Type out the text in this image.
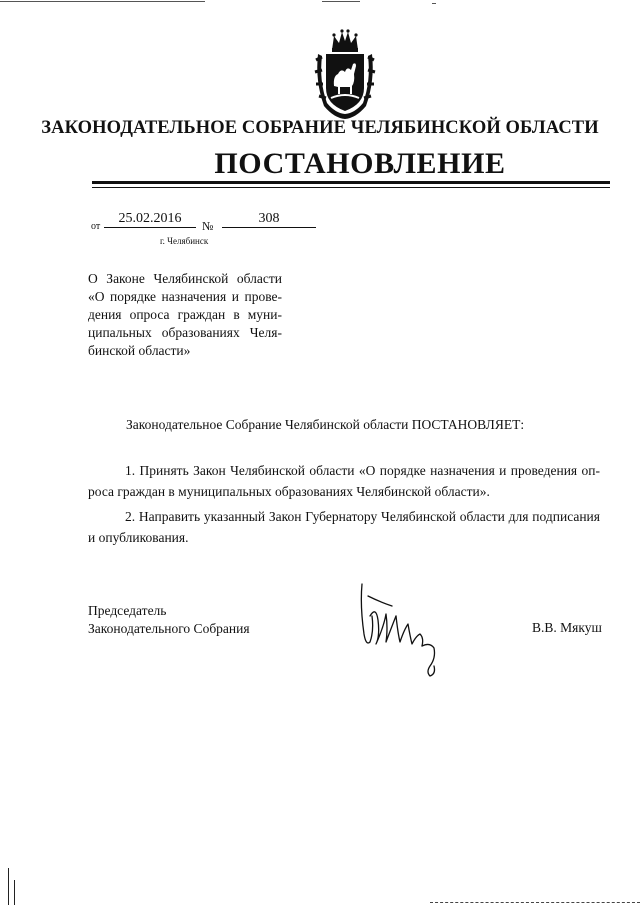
ЗАКОНОДАТЕЛЬНОЕ СОБРАНИЕ ЧЕЛЯБИНСКОЙ ОБЛАСТИ
ПОСТАНОВЛЕНИЕ
от
25.02.2016	№	308
г. Челябинск
О Законе Челябинской области «О порядке назначения и проведения опроса граждан в муниципальных образованиях Челябинской области»
Законодательное Собрание Челябинской области ПОСТАНОВЛЯЕТ:
1. Принять Закон Челябинской области «О порядке назначения и проведения опроса граждан в муниципальных образованиях Челябинской области».
2. Направить указанный Закон Губернатору Челябинской области для подписания и опубликования.
Председатель
Законодательного Собрания	В.В. Мякуш
